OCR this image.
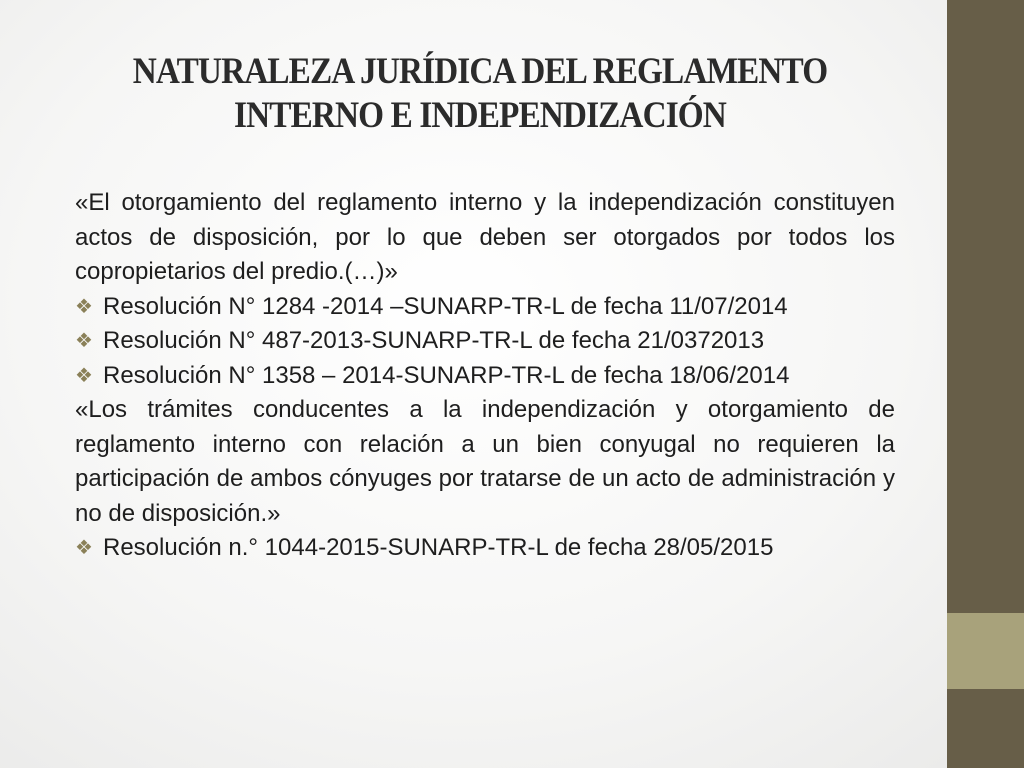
NATURALEZA JURÍDICA DEL REGLAMENTO
INTERNO E INDEPENDIZACIÓN

«El otorgamiento del reglamento interno y la independización constituyen actos de disposición, por lo que deben ser otorgados por todos los copropietarios del predio.(…)»

❖ Resolución N° 1284 -2014 –SUNARP-TR-L de fecha 11/07/2014
❖ Resolución N° 487-2013-SUNARP-TR-L de fecha 21/0372013
❖ Resolución N° 1358 – 2014-SUNARP-TR-L de fecha 18/06/2014

«Los trámites conducentes a la independización y otorgamiento de reglamento interno con relación a un bien conyugal no requieren la participación de ambos cónyuges por tratarse de un acto de administración y no de disposición.»

❖ Resolución n.° 1044-2015-SUNARP-TR-L de fecha 28/05/2015
